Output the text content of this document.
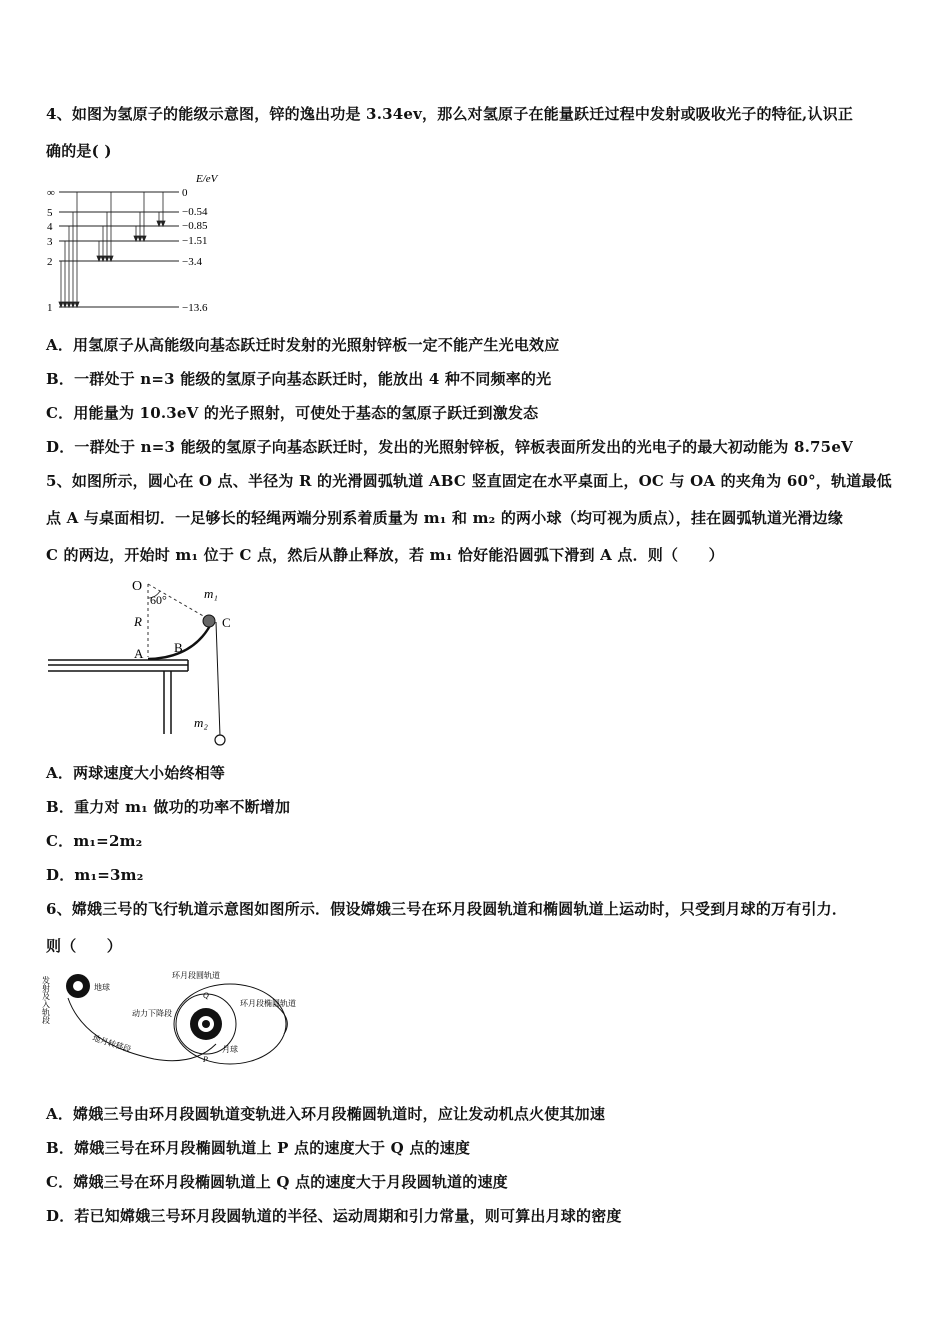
4、如图为氢原子的能级示意图，锌的逸出功是 3.34ev，那么对氢原子在能量跃迁过程中发射或吸收光子的特征,认识正
确的是( )
E/eV
∞
5
4
3
2
1
0
−0.54
−0.85
−1.51
−3.4
−13.6
A．用氢原子从高能级向基态跃迁时发射的光照射锌板一定不能产生光电效应
B．一群处于 n=3 能级的氢原子向基态跃迁时，能放出 4 种不同频率的光
C．用能量为 10.3eV 的光子照射，可使处于基态的氢原子跃迁到激发态
D．一群处于 n=3 能级的氢原子向基态跃迁时，发出的光照射锌板，锌板表面所发出的光电子的最大初动能为 8.75eV
5、如图所示，圆心在 O 点、半径为 R 的光滑圆弧轨道 ABC 竖直固定在水平桌面上，OC 与 OA 的夹角为 60°，轨道最低
点 A 与桌面相切．一足够长的轻绳两端分别系着质量为 m₁ 和 m₂ 的两小球（均可视为质点），挂在圆弧轨道光滑边缘
C 的两边，开始时 m₁ 位于 C 点，然后从静止释放，若 m₁ 恰好能沿圆弧下滑到 A 点．则（　　）
O
60°
R
A B
C
m₁
m₂
A．两球速度大小始终相等
B．重力对 m₁ 做功的功率不断增加
C．m₁=2m₂
D．m₁=3m₂
6、嫦娥三号的飞行轨道示意图如图所示．假设嫦娥三号在环月段圆轨道和椭圆轨道上运动时，只受到月球的万有引力．
则（　　）
发射及入轨段	地球
地月转移段
环月段圆轨道
环月段椭圆轨道
动力下降段
月球
Q
P
A．嫦娥三号由环月段圆轨道变轨进入环月段椭圆轨道时，应让发动机点火使其加速
B．嫦娥三号在环月段椭圆轨道上 P 点的速度大于 Q 点的速度
C．嫦娥三号在环月段椭圆轨道上 Q 点的速度大于月段圆轨道的速度
D．若已知嫦娥三号环月段圆轨道的半径、运动周期和引力常量，则可算出月球的密度
